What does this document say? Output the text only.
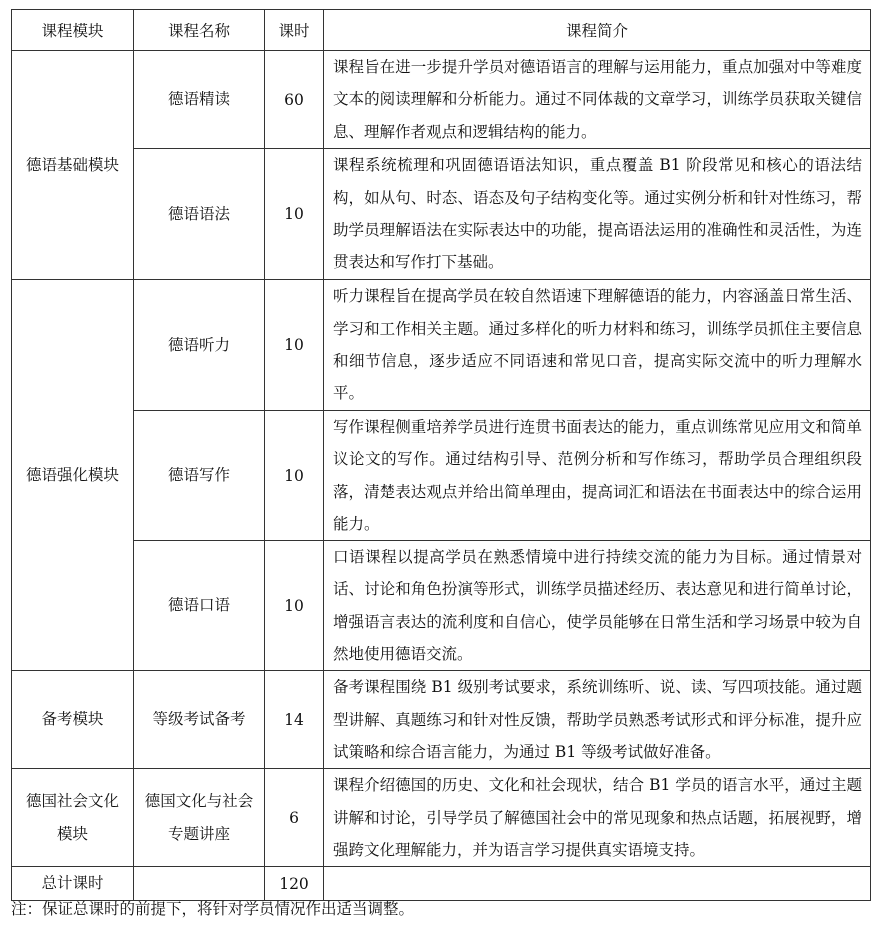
课程模块	课程名称	课时	课程简介
德语基础模块	德语精读	60	课程旨在进一步提升学员对德语语言的理解与运用能力，重点加强对中等难度文本的阅读理解和分析能力。通过不同体裁的文章学习，训练学员获取关键信息、理解作者观点和逻辑结构的能力。
	德语语法	10	课程系统梳理和巩固德语语法知识，重点覆盖 B1 阶段常见和核心的语法结构，如从句、时态、语态及句子结构变化等。通过实例分析和针对性练习，帮助学员理解语法在实际表达中的功能，提高语法运用的准确性和灵活性，为连贯表达和写作打下基础。
德语强化模块	德语听力	10	听力课程旨在提高学员在较自然语速下理解德语的能力，内容涵盖日常生活、学习和工作相关主题。通过多样化的听力材料和练习，训练学员抓住主要信息和细节信息，逐步适应不同语速和常见口音，提高实际交流中的听力理解水平。
	德语写作	10	写作课程侧重培养学员进行连贯书面表达的能力，重点训练常见应用文和简单议论文的写作。通过结构引导、范例分析和写作练习，帮助学员合理组织段落，清楚表达观点并给出简单理由，提高词汇和语法在书面表达中的综合运用能力。
	德语口语	10	口语课程以提高学员在熟悉情境中进行持续交流的能力为目标。通过情景对话、讨论和角色扮演等形式，训练学员描述经历、表达意见和进行简单讨论，增强语言表达的流利度和自信心，使学员能够在日常生活和学习场景中较为自然地使用德语交流。
备考模块	等级考试备考	14	备考课程围绕 B1 级别考试要求，系统训练听、说、读、写四项技能。通过题型讲解、真题练习和针对性反馈，帮助学员熟悉考试形式和评分标准，提升应试策略和综合语言能力，为通过 B1 等级考试做好准备。
德国社会文化模块	德国文化与社会专题讲座	6	课程介绍德国的历史、文化和社会现状，结合 B1 学员的语言水平，通过主题讲解和讨论，引导学员了解德国社会中的常见现象和热点话题，拓展视野，增强跨文化理解能力，并为语言学习提供真实语境支持。
总计课时		120	
注：保证总课时的前提下，将针对学员情况作出适当调整。
